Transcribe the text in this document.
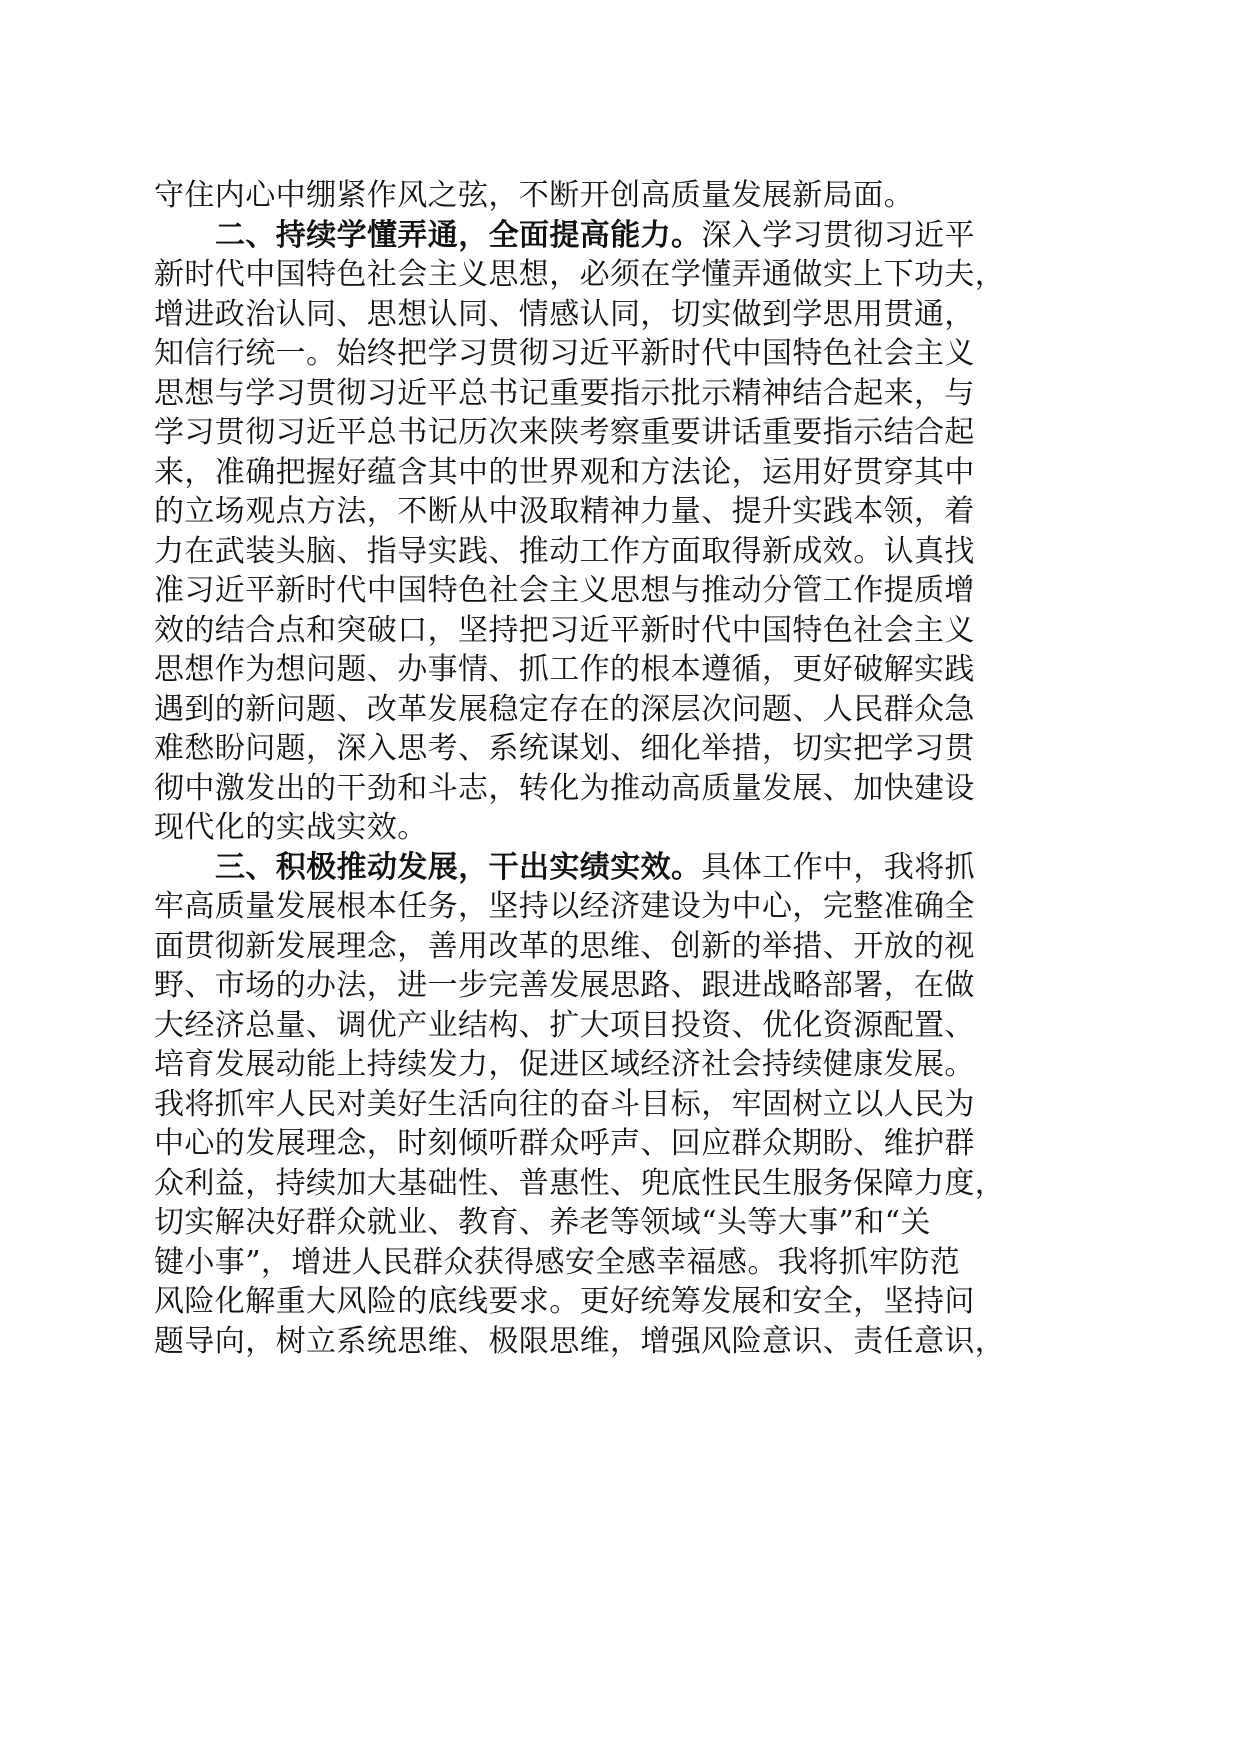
守住内心中绷紧作风之弦，不断开创高质量发展新局面。
二、持续学懂弄通，全面提高能力。深入学习贯彻习近平
新时代中国特色社会主义思想，必须在学懂弄通做实上下功夫，
增进政治认同、思想认同、情感认同，切实做到学思用贯通，
知信行统一。始终把学习贯彻习近平新时代中国特色社会主义
思想与学习贯彻习近平总书记重要指示批示精神结合起来，与
学习贯彻习近平总书记历次来陕考察重要讲话重要指示结合起
来，准确把握好蕴含其中的世界观和方法论，运用好贯穿其中
的立场观点方法，不断从中汲取精神力量、提升实践本领，着
力在武装头脑、指导实践、推动工作方面取得新成效。认真找
准习近平新时代中国特色社会主义思想与推动分管工作提质增
效的结合点和突破口，坚持把习近平新时代中国特色社会主义
思想作为想问题、办事情、抓工作的根本遵循，更好破解实践
遇到的新问题、改革发展稳定存在的深层次问题、人民群众急
难愁盼问题，深入思考、系统谋划、细化举措，切实把学习贯
彻中激发出的干劲和斗志，转化为推动高质量发展、加快建设
现代化的实战实效。
三、积极推动发展，干出实绩实效。具体工作中，我将抓
牢高质量发展根本任务，坚持以经济建设为中心，完整准确全
面贯彻新发展理念，善用改革的思维、创新的举措、开放的视
野、市场的办法，进一步完善发展思路、跟进战略部署，在做
大经济总量、调优产业结构、扩大项目投资、优化资源配置、
培育发展动能上持续发力，促进区域经济社会持续健康发展。
我将抓牢人民对美好生活向往的奋斗目标，牢固树立以人民为
中心的发展理念，时刻倾听群众呼声、回应群众期盼、维护群
众利益，持续加大基础性、普惠性、兜底性民生服务保障力度，
切实解决好群众就业、教育、养老等领域“头等大事”和“关
键小事”，增进人民群众获得感安全感幸福感。我将抓牢防范
风险化解重大风险的底线要求。更好统筹发展和安全，坚持问
题导向，树立系统思维、极限思维，增强风险意识、责任意识，
